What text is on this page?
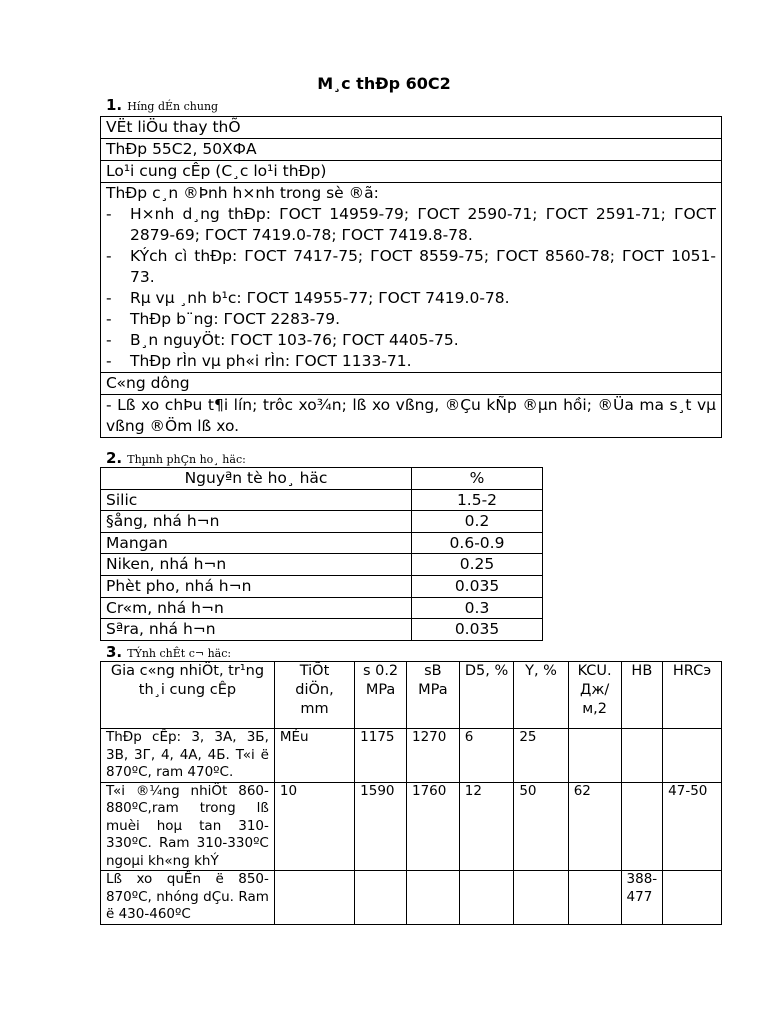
M¸c thÐp 60C2
1. Híng dÉn chung
VËt liÖu thay thÕ
ThÐp 55C2, 50ХФА
Lo¹i cung cÊp (C¸c lo¹i thÐp)

ThÐp c¸n ®Þnh h×nh trong sè ®ã:
-	H×nh d¸ng thÐp: ГОСТ 14959-79; ГОСТ 2590-71; ГОСТ 2591-71; ГОСТ 2879-69; ГОСТ 7419.0-78; ГОСТ 7419.8-78.
-	KÝch cì thÐp: ГОСТ 7417-75; ГОСТ 8559-75; ГОСТ 8560-78; ГОСТ 1051-73.
-	Rµ vµ ¸nh b¹c: ГОСТ 14955-77; ГОСТ 7419.0-78.
-	ThÐp b¨ng: ГОСТ 2283-79.
-	B¸n nguyÖt: ГОСТ 103-76; ГОСТ 4405-75.
-	ThÐp rÌn vµ ph«i rÌn: ГОСТ 1133-71.

C«ng dông
- Lß xo chÞu t¶i lín; trôc xo¾n; lß xo vßng, ®Çu kÑp ®µn hồi; ®Üa ma s¸t vµ vßng ®Öm lß xo.
2. Thµnh phÇn ho¸ häc:
Nguyªn tè ho¸ häc	%
Silic	1.5-2
§ång, nhá h¬n	0.2
Mangan	0.6-0.9
Niken, nhá h¬n	0.25
Phèt pho, nhá h¬n	0.035
Cr«m, nhá h¬n	0.3
Sªra, nhá h¬n	0.035
3. TÝnh chÊt c¬ häc:
Gia c«ng nhiÖt, tr¹ng th¸i cung cÊp	TiÕt diÖn, mm	s 0.2 MPa	sB MPa	D5, %	Y, %	KCU. Дж/ м,2	HB	HRCэ
ThÐp cÊp: 3, 3А, 3Б, 3В, 3Г, 4, 4А, 4Б. T«i ë 870ºC, ram 470ºC.	MÉu	1175	1270	6	25			
T«i ®¼ng nhiÖt 860-880ºC,ram trong lß muèi hoµ tan 310-330ºC. Ram 310-330ºC ngoµi kh«ng khÝ	10	1590	1760	12	50	62		47-50
Lß xo quÊn ë 850-870ºC, nhóng dÇu. Ram ë 430-460ºC							388-477	
